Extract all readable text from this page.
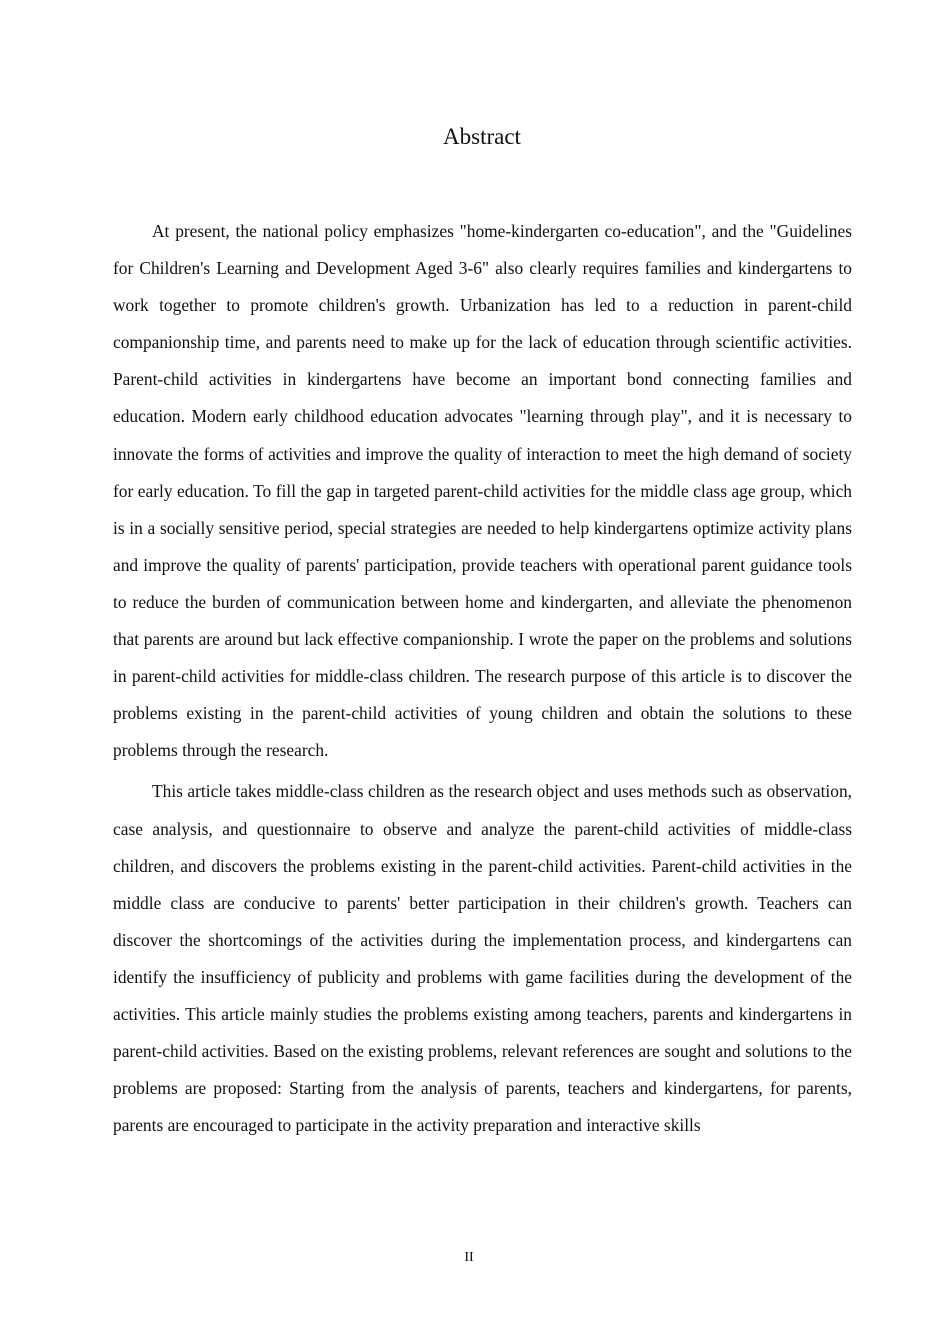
Abstract

At present, the national policy emphasizes "home-kindergarten co-education", and the "Guidelines for Children's Learning and Development Aged 3-6" also clearly requires families and kindergartens to work together to promote children's growth. Urbanization has led to a reduction in parent-child companionship time, and parents need to make up for the lack of education through scientific activities. Parent-child activities in kindergartens have become an important bond connecting families and education. Modern early childhood education advocates "learning through play", and it is necessary to innovate the forms of activities and improve the quality of interaction to meet the high demand of society for early education. To fill the gap in targeted parent-child activities for the middle class age group, which is in a socially sensitive period, special strategies are needed to help kindergartens optimize activity plans and improve the quality of parents' participation, provide teachers with operational parent guidance tools to reduce the burden of communication between home and kindergarten, and alleviate the phenomenon that parents are around but lack effective companionship. I wrote the paper on the problems and solutions in parent-child activities for middle-class children. The research purpose of this article is to discover the problems existing in the parent-child activities of young children and obtain the solutions to these problems through the research.

This article takes middle-class children as the research object and uses methods such as observation, case analysis, and questionnaire to observe and analyze the parent-child activities of middle-class children, and discovers the problems existing in the parent-child activities. Parent-child activities in the middle class are conducive to parents' better participation in their children's growth. Teachers can discover the shortcomings of the activities during the implementation process, and kindergartens can identify the insufficiency of publicity and problems with game facilities during the development of the activities. This article mainly studies the problems existing among teachers, parents and kindergartens in parent-child activities. Based on the existing problems, relevant references are sought and solutions to the problems are proposed: Starting from the analysis of parents, teachers and kindergartens, for parents, parents are encouraged to participate in the activity preparation and interactive skills

II
